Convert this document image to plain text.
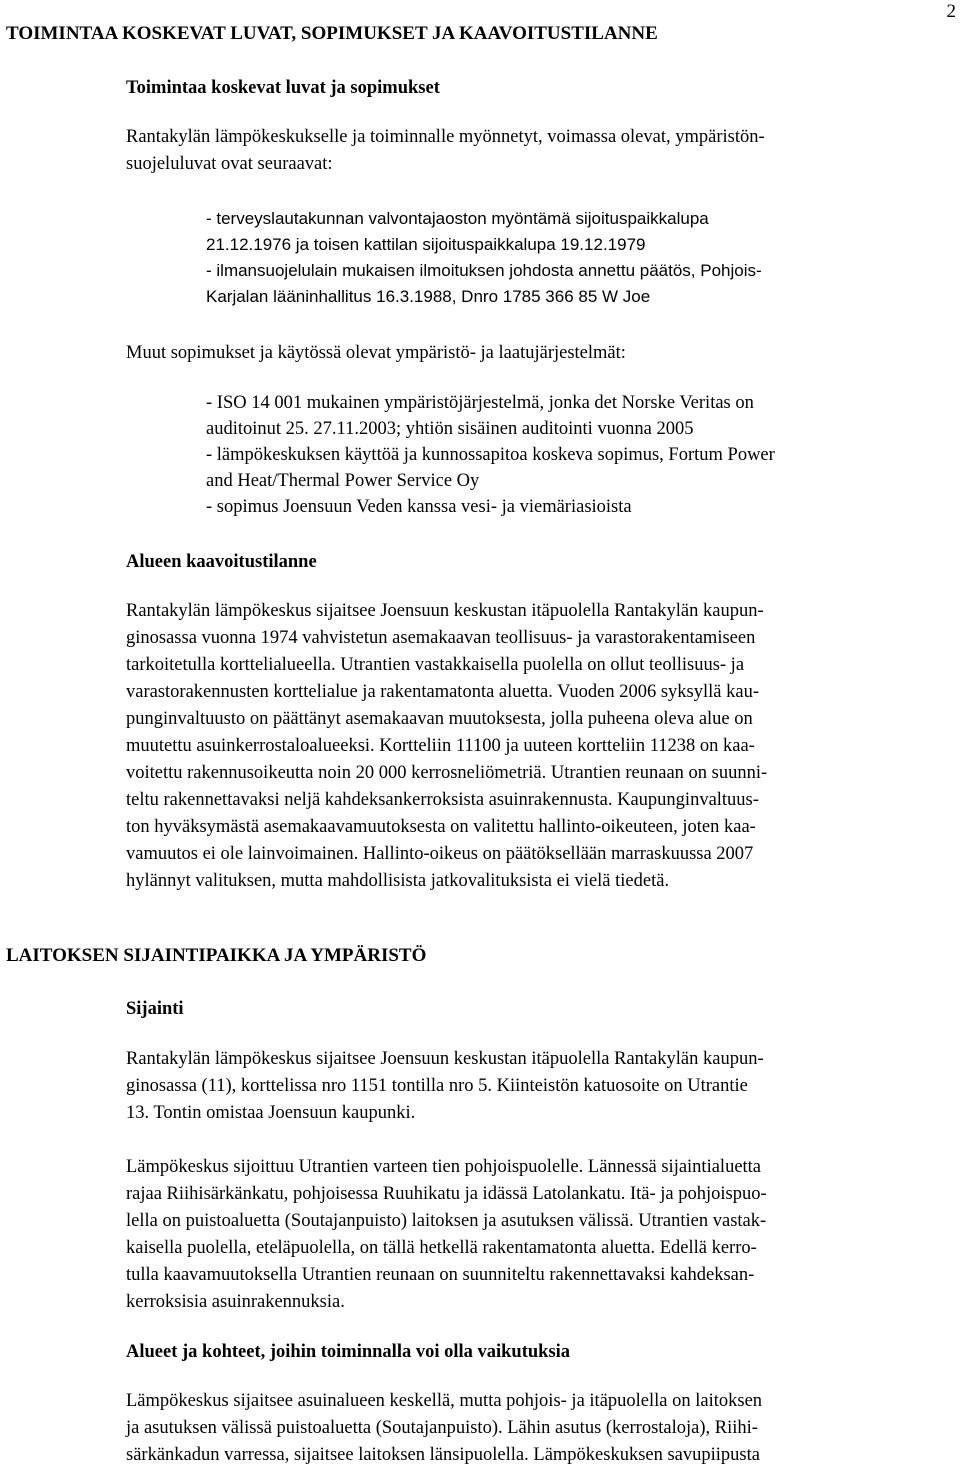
2
TOIMINTAA KOSKEVAT LUVAT, SOPIMUKSET JA KAAVOITUSTILANNE
Toimintaa koskevat luvat ja sopimukset
Rantakylän lämpökeskukselle ja toiminnalle myönnetyt, voimassa olevat, ympäristön-
suojeluluvat ovat seuraavat:
- terveyslautakunnan valvontajaoston myöntämä sijoituspaikkalupa
21.12.1976 ja toisen kattilan sijoituspaikkalupa 19.12.1979
- ilmansuojelulain mukaisen ilmoituksen johdosta annettu päätös, Pohjois-
Karjalan lääninhallitus 16.3.1988, Dnro 1785 366 85 W Joe
Muut sopimukset ja käytössä olevat ympäristö- ja laatujärjestelmät:
- ISO 14 001 mukainen ympäristöjärjestelmä, jonka det Norske Veritas on
auditoinut 25. 27.11.2003; yhtiön sisäinen auditointi vuonna 2005
- lämpökeskuksen käyttöä ja kunnossapitoa koskeva sopimus, Fortum Power
and Heat/Thermal Power Service Oy
- sopimus Joensuun Veden kanssa vesi- ja viemäriasioista
Alueen kaavoitustilanne
Rantakylän lämpökeskus sijaitsee Joensuun keskustan itäpuolella Rantakylän kaupun-
ginosassa vuonna 1974 vahvistetun asemakaavan teollisuus- ja varastorakentamiseen
tarkoitetulla korttelialueella. Utrantien vastakkaisella puolella on ollut teollisuus- ja
varastorakennusten korttelialue ja rakentamatonta aluetta. Vuoden 2006 syksyllä kau-
punginvaltuusto on päättänyt asemakaavan muutoksesta, jolla puheena oleva alue on
muutettu asuinkerrostaloalueeksi. Kortteliin 11100 ja uuteen kortteliin 11238 on kaa-
voitettu rakennusoikeutta noin 20 000 kerrosneliömetriä. Utrantien reunaan on suunni-
teltu rakennettavaksi neljä kahdeksankerroksista asuinrakennusta. Kaupunginvaltuus-
ton hyväksymästä asemakaavamuutoksesta on valitettu hallinto-oikeuteen, joten kaa-
vamuutos ei ole lainvoimainen. Hallinto-oikeus on päätöksellään marraskuussa 2007
hylännyt valituksen, mutta mahdollisista jatkovalituksista ei vielä tiedetä.
LAITOKSEN SIJAINTIPAIKKA JA YMPÄRISTÖ
Sijainti
Rantakylän lämpökeskus sijaitsee Joensuun keskustan itäpuolella Rantakylän kaupun-
ginosassa (11), korttelissa nro 1151 tontilla nro 5. Kiinteistön katuosoite on Utrantie
13. Tontin omistaa Joensuun kaupunki.
Lämpökeskus sijoittuu Utrantien varteen tien pohjoispuolelle. Lännessä sijaintialuetta
rajaa Riihisärkänkatu, pohjoisessa Ruuhikatu ja idässä Latolankatu. Itä- ja pohjoispuo-
lella on puistoaluetta (Soutajanpuisto) laitoksen ja asutuksen välissä. Utrantien vastak-
kaisella puolella, eteläpuolella, on tällä hetkellä rakentamatonta aluetta. Edellä kerro-
tulla kaavamuutoksella Utrantien reunaan on suunniteltu rakennettavaksi kahdeksan-
kerroksisia asuinrakennuksia.
Alueet ja kohteet, joihin toiminnalla voi olla vaikutuksia
Lämpökeskus sijaitsee asuinalueen keskellä, mutta pohjois- ja itäpuolella on laitoksen
ja asutuksen välissä puistoaluetta (Soutajanpuisto). Lähin asutus (kerrostaloja), Riihi-
särkänkadun varressa, sijaitsee laitoksen länsipuolella. Lämpökeskuksen savupiipusta
